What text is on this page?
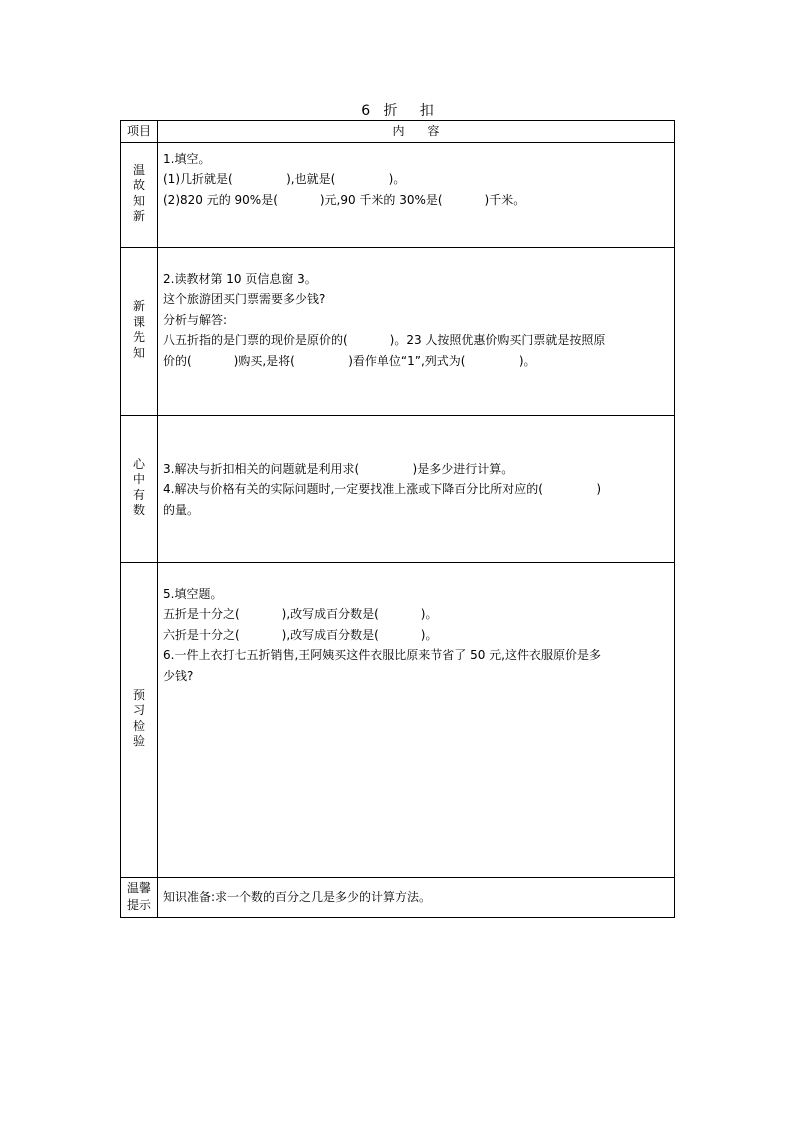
6   折     扣
项目	内      容
温故知新	1.填空。

(1)几折就是(              ),也就是(              )。

(2)820 元的 90%是(           )元,90 千米的 30%是(           )千米。

新课先知	2.读教材第 10 页信息窗 3。

这个旅游团买门票需要多少钱?

分析与解答:

八五折指的是门票的现价是原价的(           )。23 人按照优惠价购买门票就是按照原

价的(           )购买,是将(              )看作单位“1”,列式为(              )。

心中有数	3.解决与折扣相关的问题就是利用求(              )是多少进行计算。

4.解决与价格有关的实际问题时,一定要找准上涨或下降百分比所对应的(              )

的量。

预习检验	5.填空题。

五折是十分之(           ),改写成百分数是(           )。

六折是十分之(           ),改写成百分数是(           )。

6.一件上衣打七五折销售,王阿姨买这件衣服比原来节省了 50 元,这件衣服原价是多

少钱?

温馨
提示	知识准备:求一个数的百分之几是多少的计算方法。
